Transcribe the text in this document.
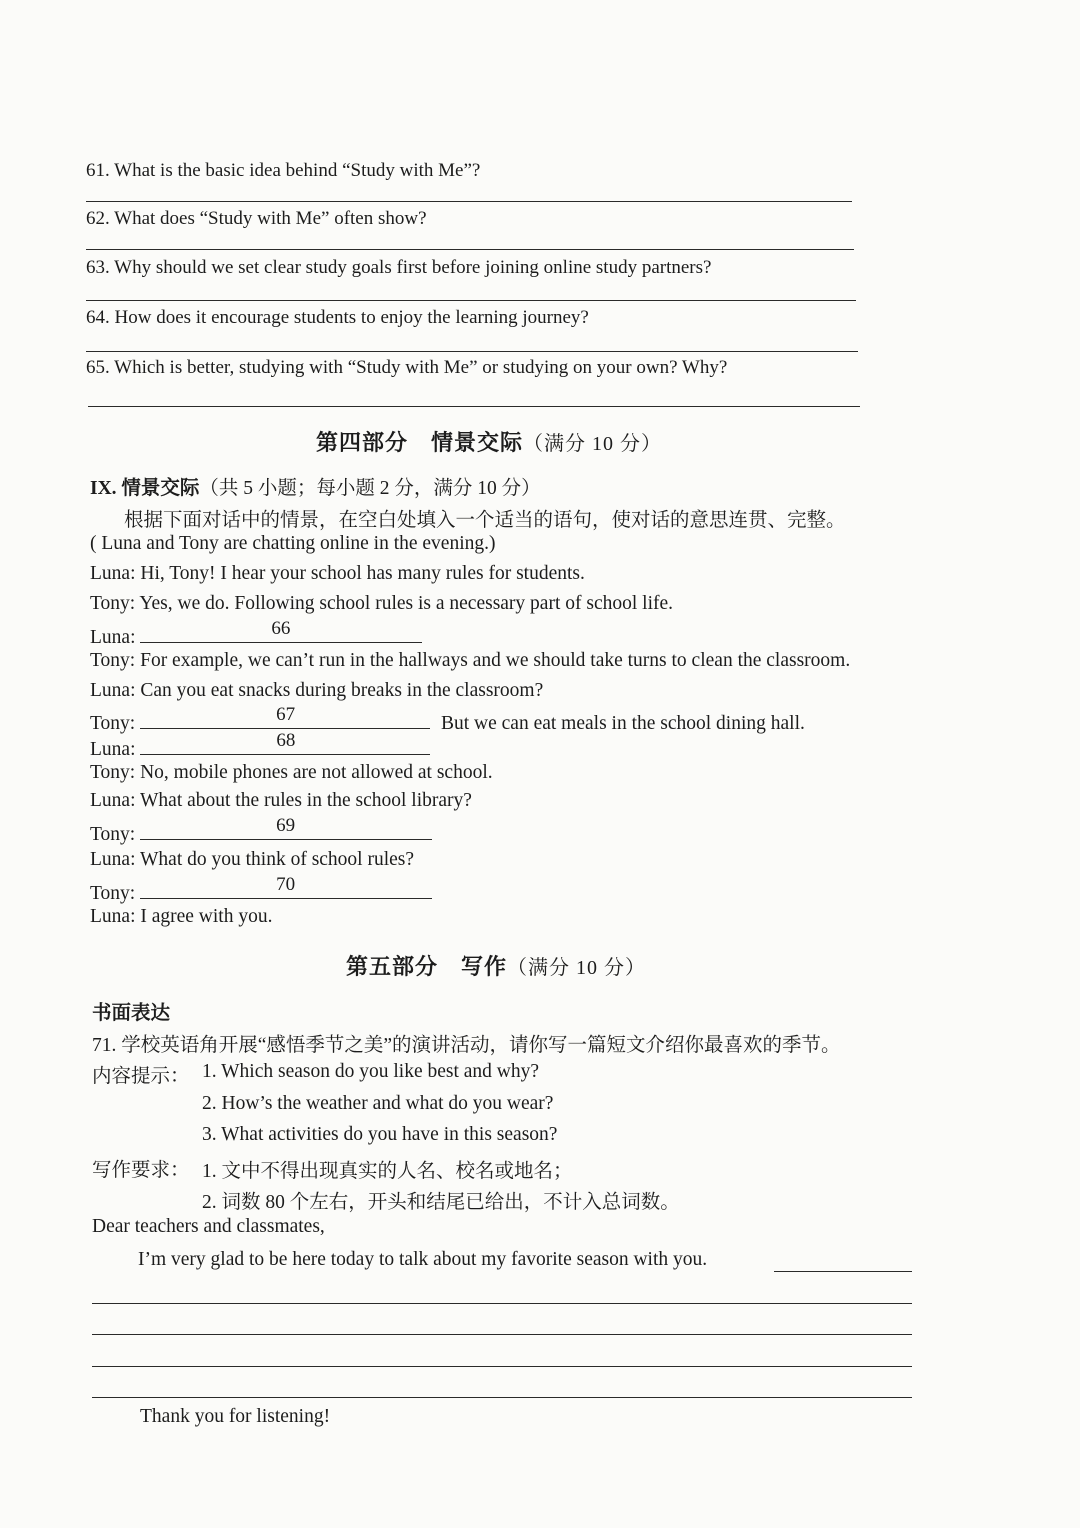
61. What is the basic idea behind “Study with Me”?
62. What does “Study with Me” often show?
63. Why should we set clear study goals first before joining online study partners?
64. How does it encourage students to enjoy the learning journey?
65. Which is better, studying with “Study with Me” or studying on your own? Why?
第四部分　情景交际（满分 10 分）
IX. 情景交际（共 5 小题；每小题 2 分，满分 10 分）
根据下面对话中的情景，在空白处填入一个适当的语句，使对话的意思连贯、完整。
( Luna and Tony are chatting online in the evening.)
Luna: Hi, Tony! I hear your school has many rules for students.
Tony: Yes, we do. Following school rules is a necessary part of school life.
Luna:	66
Tony: For example, we can’t run in the hallways and we should take turns to clean the classroom.
Luna: Can you eat snacks during breaks in the classroom?
Tony:	67	But we can eat meals in the school dining hall.
Luna:	68
Tony: No, mobile phones are not allowed at school.
Luna: What about the rules in the school library?
Tony:	69
Luna: What do you think of school rules?
Tony:	70
Luna: I agree with you.
第五部分　写作（满分 10 分）
书面表达
71. 学校英语角开展“感悟季节之美”的演讲活动，请你写一篇短文介绍你最喜欢的季节。
内容提示： 1. Which season do you like best and why?
2. How’s the weather and what do you wear?
3. What activities do you have in this season?
写作要求： 1. 文中不得出现真实的人名、校名或地名；
2. 词数 80 个左右，开头和结尾已给出，不计入总词数。
Dear teachers and classmates,
I’m very glad to be here today to talk about my favorite season with you.
Thank you for listening!
